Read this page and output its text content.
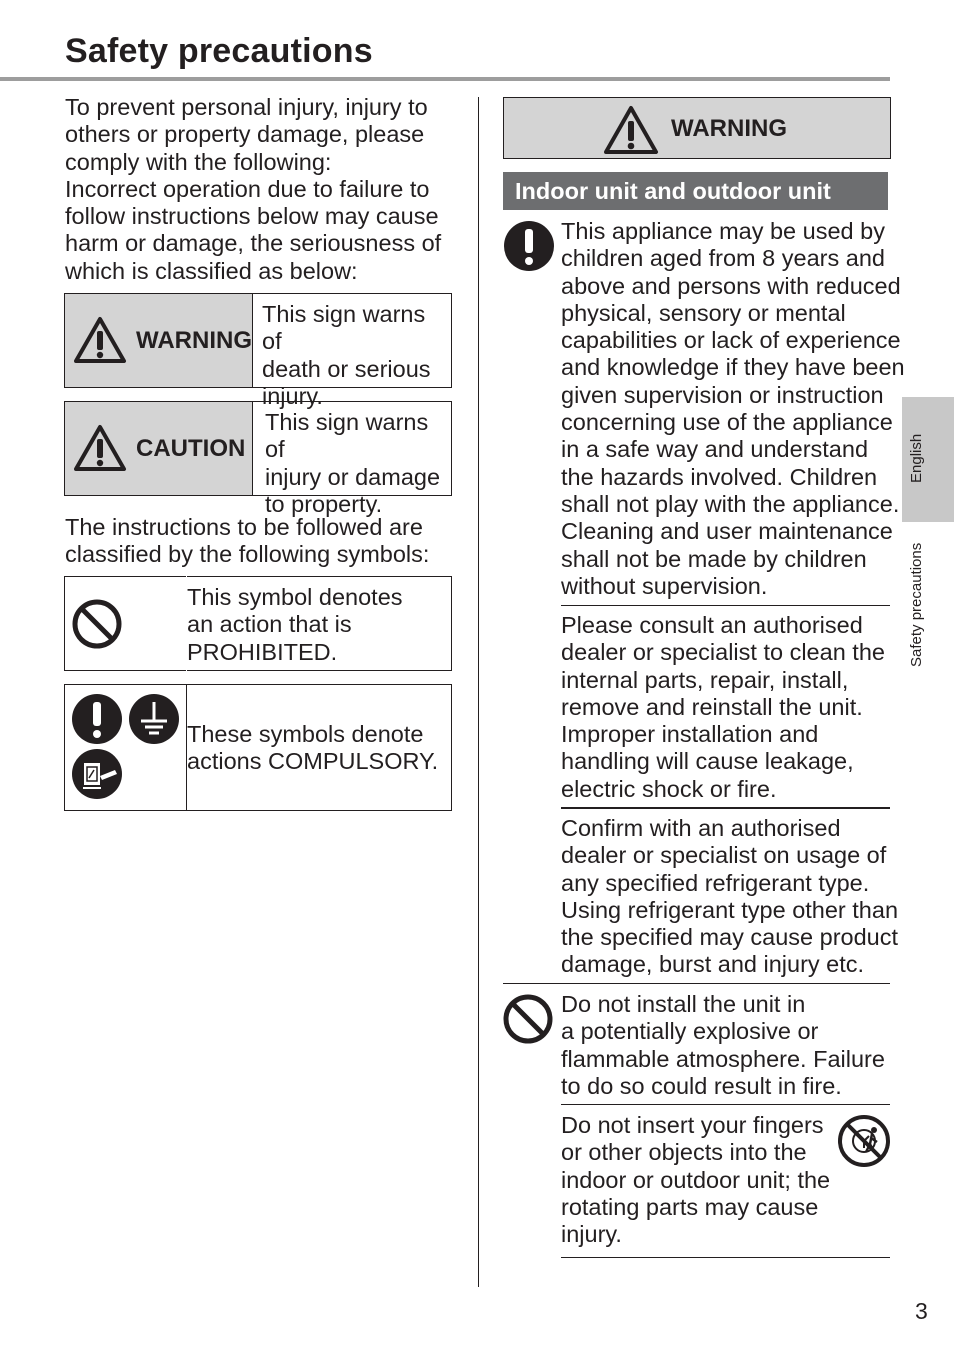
Safety precautions
To prevent personal injury, injury to
others or property damage, please
comply with the following:
Incorrect operation due to failure to
follow instructions below may cause
harm or damage, the seriousness of
which is classified as below:
WARNING
This sign warns of
death or serious
injury.
CAUTION
This sign warns of
injury or damage
to property.
The instructions to be followed are
classified by the following symbols:
This symbol denotes
an action that is
PROHIBITED.
These symbols denote
actions COMPULSORY.
WARNING
Indoor unit and outdoor unit
This appliance may be used by
children aged from 8 years and
above and persons with reduced
physical, sensory or mental
capabilities or lack of experience
and knowledge if they have been
given supervision or instruction
concerning use of the appliance
in a safe way and understand
the hazards involved. Children
shall not play with the appliance.
Cleaning and user maintenance
shall not be made by children
without supervision.
Please consult an authorised
dealer or specialist to clean the
internal parts, repair, install,
remove and reinstall the unit.
Improper installation and
handling will cause leakage,
electric shock or fire.
Confirm with an authorised
dealer or specialist on usage of
any specified refrigerant type.
Using refrigerant type other than
the specified may cause product
damage, burst and injury etc.
Do not install the unit in
a potentially explosive or
flammable atmosphere. Failure
to do so could result in fire.
Do not insert your fingers
or other objects into the
indoor or outdoor unit; the
rotating parts may cause
injury.
English
Safety precautions
3
